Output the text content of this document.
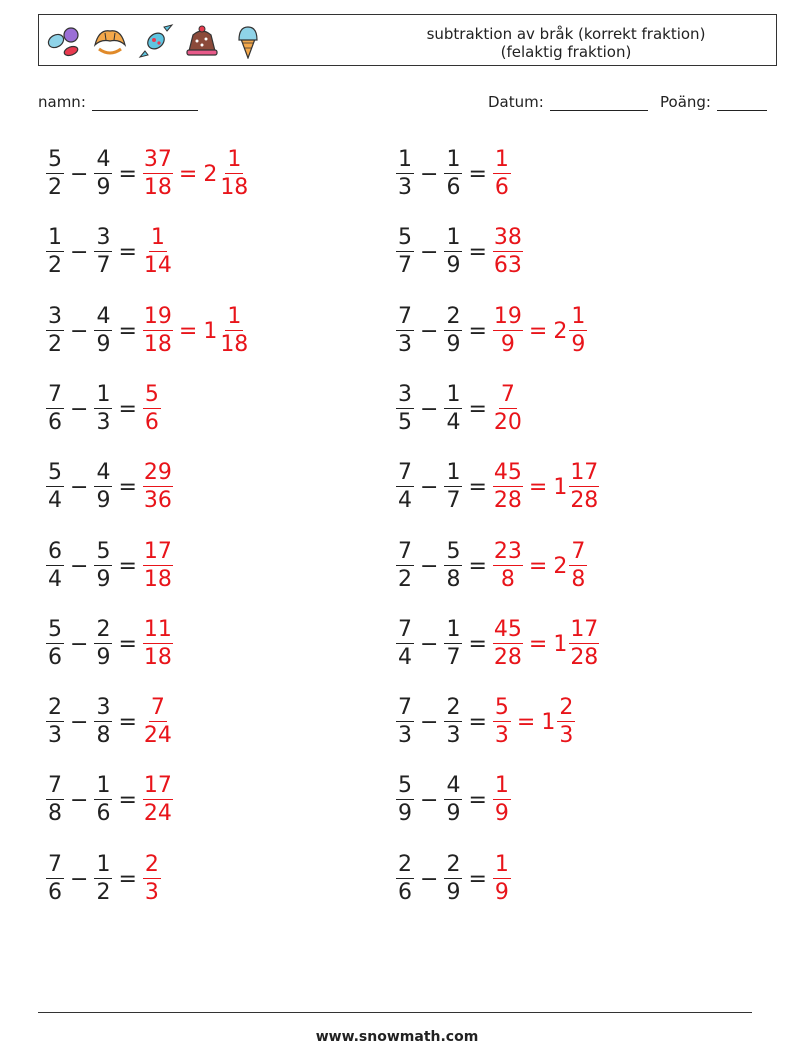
subtraktion av bråk (korrekt fraktion)
(felaktig fraktion)
namn:	Datum:	Poäng:
$\frac{5}{2} - \frac{4}{9} = \frac{37}{18} = 2 \frac{1}{18}$	$\frac{1}{3} - \frac{1}{6} = \frac{1}{6}$
$\frac{1}{2} - \frac{3}{7} = \frac{1}{14}$	$\frac{5}{7} - \frac{1}{9} = \frac{38}{63}$
$\frac{3}{2} - \frac{4}{9} = \frac{19}{18} = 1 \frac{1}{18}$	$\frac{7}{3} - \frac{2}{9} = \frac{19}{9} = 2 \frac{1}{9}$
$\frac{7}{6} - \frac{1}{3} = \frac{5}{6}$	$\frac{3}{5} - \frac{1}{4} = \frac{7}{20}$
$\frac{5}{4} - \frac{4}{9} = \frac{29}{36}$	$\frac{7}{4} - \frac{1}{7} = \frac{45}{28} = 1 \frac{17}{28}$
$\frac{6}{4} - \frac{5}{9} = \frac{17}{18}$	$\frac{7}{2} - \frac{5}{8} = \frac{23}{8} = 2 \frac{7}{8}$
$\frac{5}{6} - \frac{2}{9} = \frac{11}{18}$	$\frac{7}{4} - \frac{1}{7} = \frac{45}{28} = 1 \frac{17}{28}$
$\frac{2}{3} - \frac{3}{8} = \frac{7}{24}$	$\frac{7}{3} - \frac{2}{3} = \frac{5}{3} = 1 \frac{2}{3}$
$\frac{7}{8} - \frac{1}{6} = \frac{17}{24}$	$\frac{5}{9} - \frac{4}{9} = \frac{1}{9}$
$\frac{7}{6} - \frac{1}{2} = \frac{2}{3}$	$\frac{2}{6} - \frac{2}{9} = \frac{1}{9}$
www.snowmath.com
